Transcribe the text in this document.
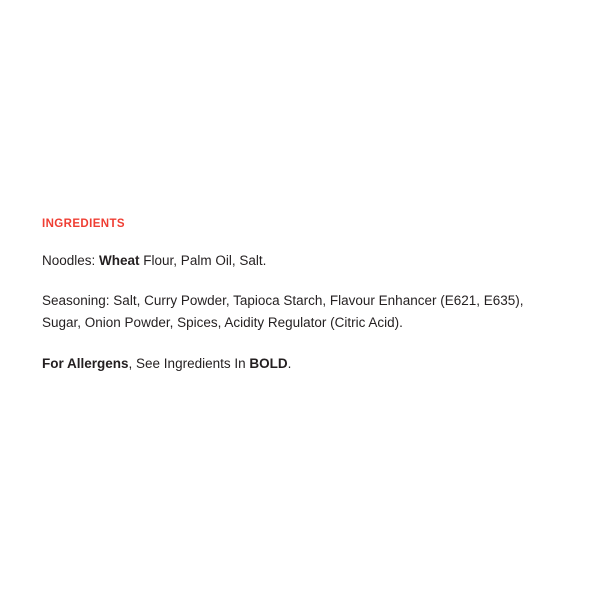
INGREDIENTS

Noodles: Wheat Flour, Palm Oil, Salt.

Seasoning: Salt, Curry Powder, Tapioca Starch, Flavour Enhancer (E621, E635), Sugar, Onion Powder, Spices, Acidity Regulator (Citric Acid).

For Allergens, See Ingredients In BOLD.
